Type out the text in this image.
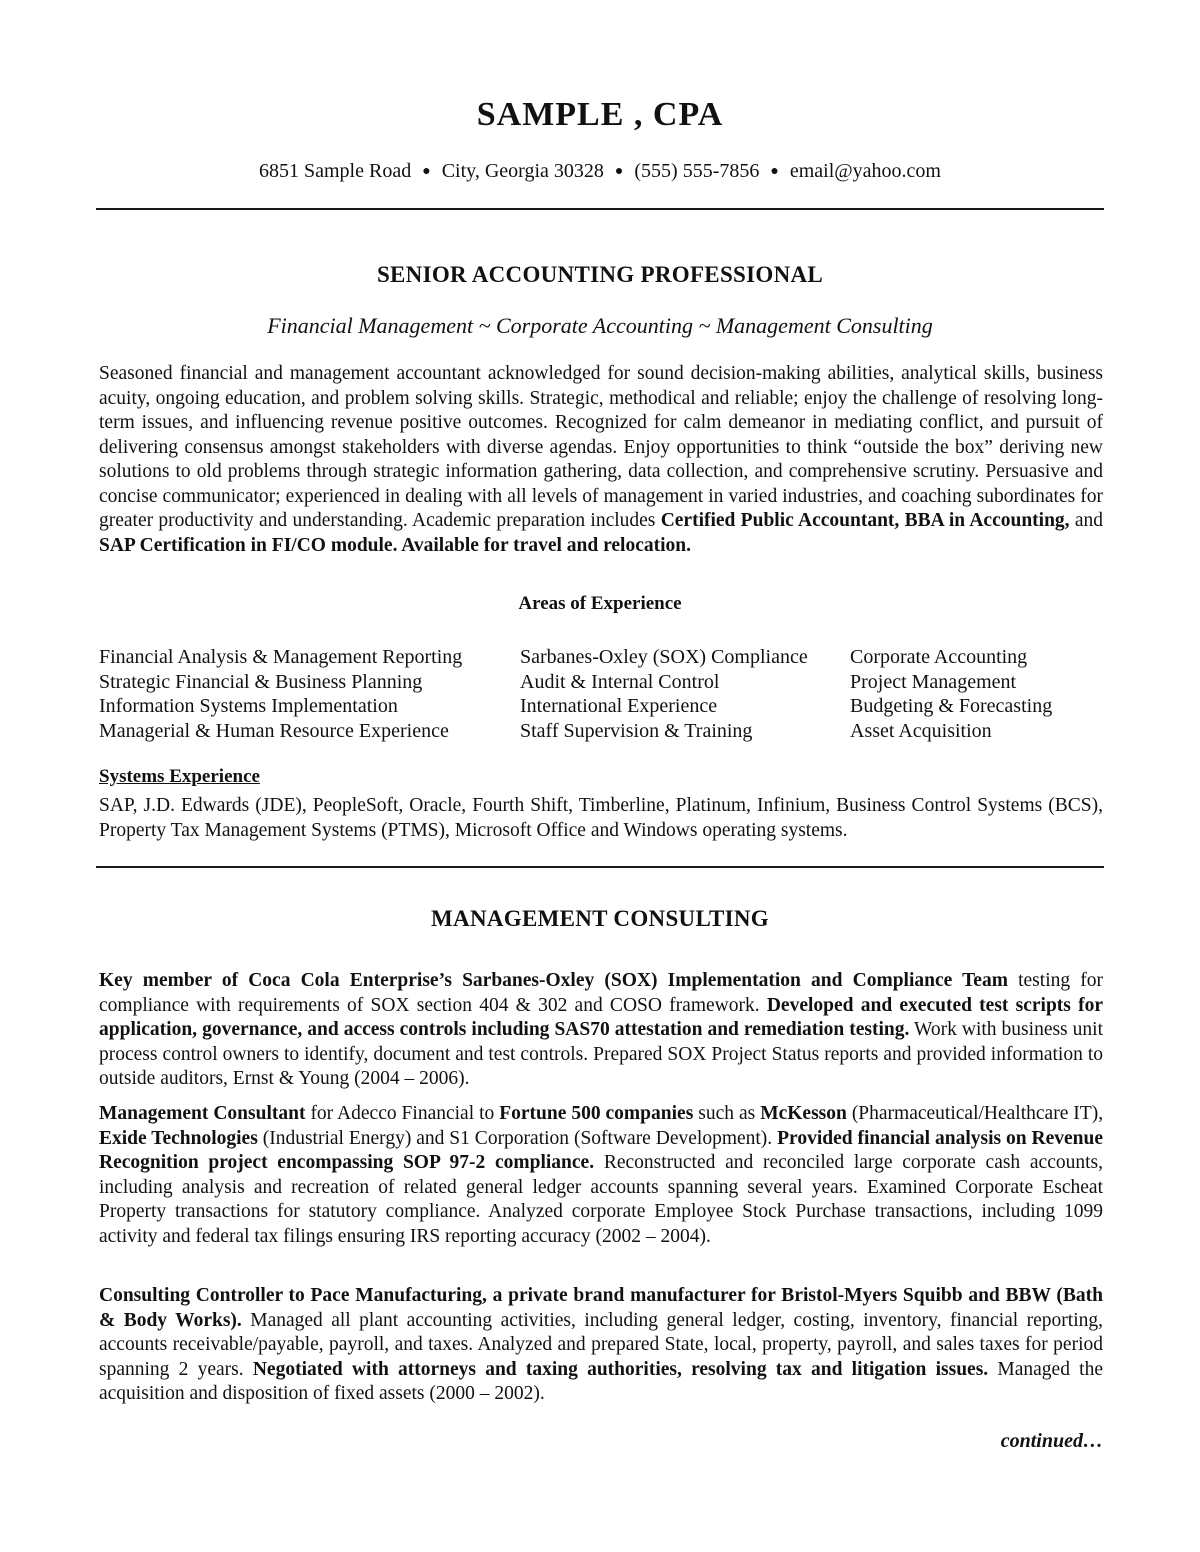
SAMPLE , CPA
6851 Sample Road ● City, Georgia 30328 ● (555) 555-7856 ● email@yahoo.com
SENIOR ACCOUNTING PROFESSIONAL
Financial Management ~ Corporate Accounting ~ Management Consulting

Seasoned financial and management accountant acknowledged for sound decision-making abilities, analytical skills, business acuity, ongoing education, and problem solving skills. Strategic, methodical and reliable; enjoy the challenge of resolving long-term issues, and influencing revenue positive outcomes. Recognized for calm demeanor in mediating conflict, and pursuit of delivering consensus amongst stakeholders with diverse agendas. Enjoy opportunities to think “outside the box” deriving new solutions to old problems through strategic information gathering, data collection, and comprehensive scrutiny. Persuasive and concise communicator; experienced in dealing with all levels of management in varied industries, and coaching subordinates for greater productivity and understanding. Academic preparation includes Certified Public Accountant, BBA in Accounting, and SAP Certification in FI/CO module. Available for travel and relocation.

Areas of Experience
Financial Analysis & Management Reporting	Sarbanes-Oxley (SOX) Compliance	Corporate Accounting
Strategic Financial & Business Planning	Audit & Internal Control	Project Management
Information Systems Implementation	International Experience	Budgeting & Forecasting
Managerial & Human Resource Experience	Staff Supervision & Training	Asset Acquisition
Systems Experience

SAP, J.D. Edwards (JDE), PeopleSoft, Oracle, Fourth Shift, Timberline, Platinum, Infinium, Business Control Systems (BCS), Property Tax Management Systems (PTMS), Microsoft Office and Windows operating systems.

MANAGEMENT CONSULTING

Key member of Coca Cola Enterprise’s Sarbanes-Oxley (SOX) Implementation and Compliance Team testing for compliance with requirements of SOX section 404 & 302 and COSO framework. Developed and executed test scripts for application, governance, and access controls including SAS70 attestation and remediation testing. Work with business unit process control owners to identify, document and test controls. Prepared SOX Project Status reports and provided information to outside auditors, Ernst & Young (2004 – 2006).

Management Consultant for Adecco Financial to Fortune 500 companies such as McKesson (Pharmaceutical/Healthcare IT), Exide Technologies (Industrial Energy) and S1 Corporation (Software Development). Provided financial analysis on Revenue Recognition project encompassing SOP 97-2 compliance. Reconstructed and reconciled large corporate cash accounts, including analysis and recreation of related general ledger accounts spanning several years. Examined Corporate Escheat Property transactions for statutory compliance. Analyzed corporate Employee Stock Purchase transactions, including 1099 activity and federal tax filings ensuring IRS reporting accuracy (2002 – 2004).

Consulting Controller to Pace Manufacturing, a private brand manufacturer for Bristol-Myers Squibb and BBW (Bath & Body Works). Managed all plant accounting activities, including general ledger, costing, inventory, financial reporting, accounts receivable/payable, payroll, and taxes. Analyzed and prepared State, local, property, payroll, and sales taxes for period spanning 2 years. Negotiated with attorneys and taxing authorities, resolving tax and litigation issues. Managed the acquisition and disposition of fixed assets (2000 – 2002).

continued…
